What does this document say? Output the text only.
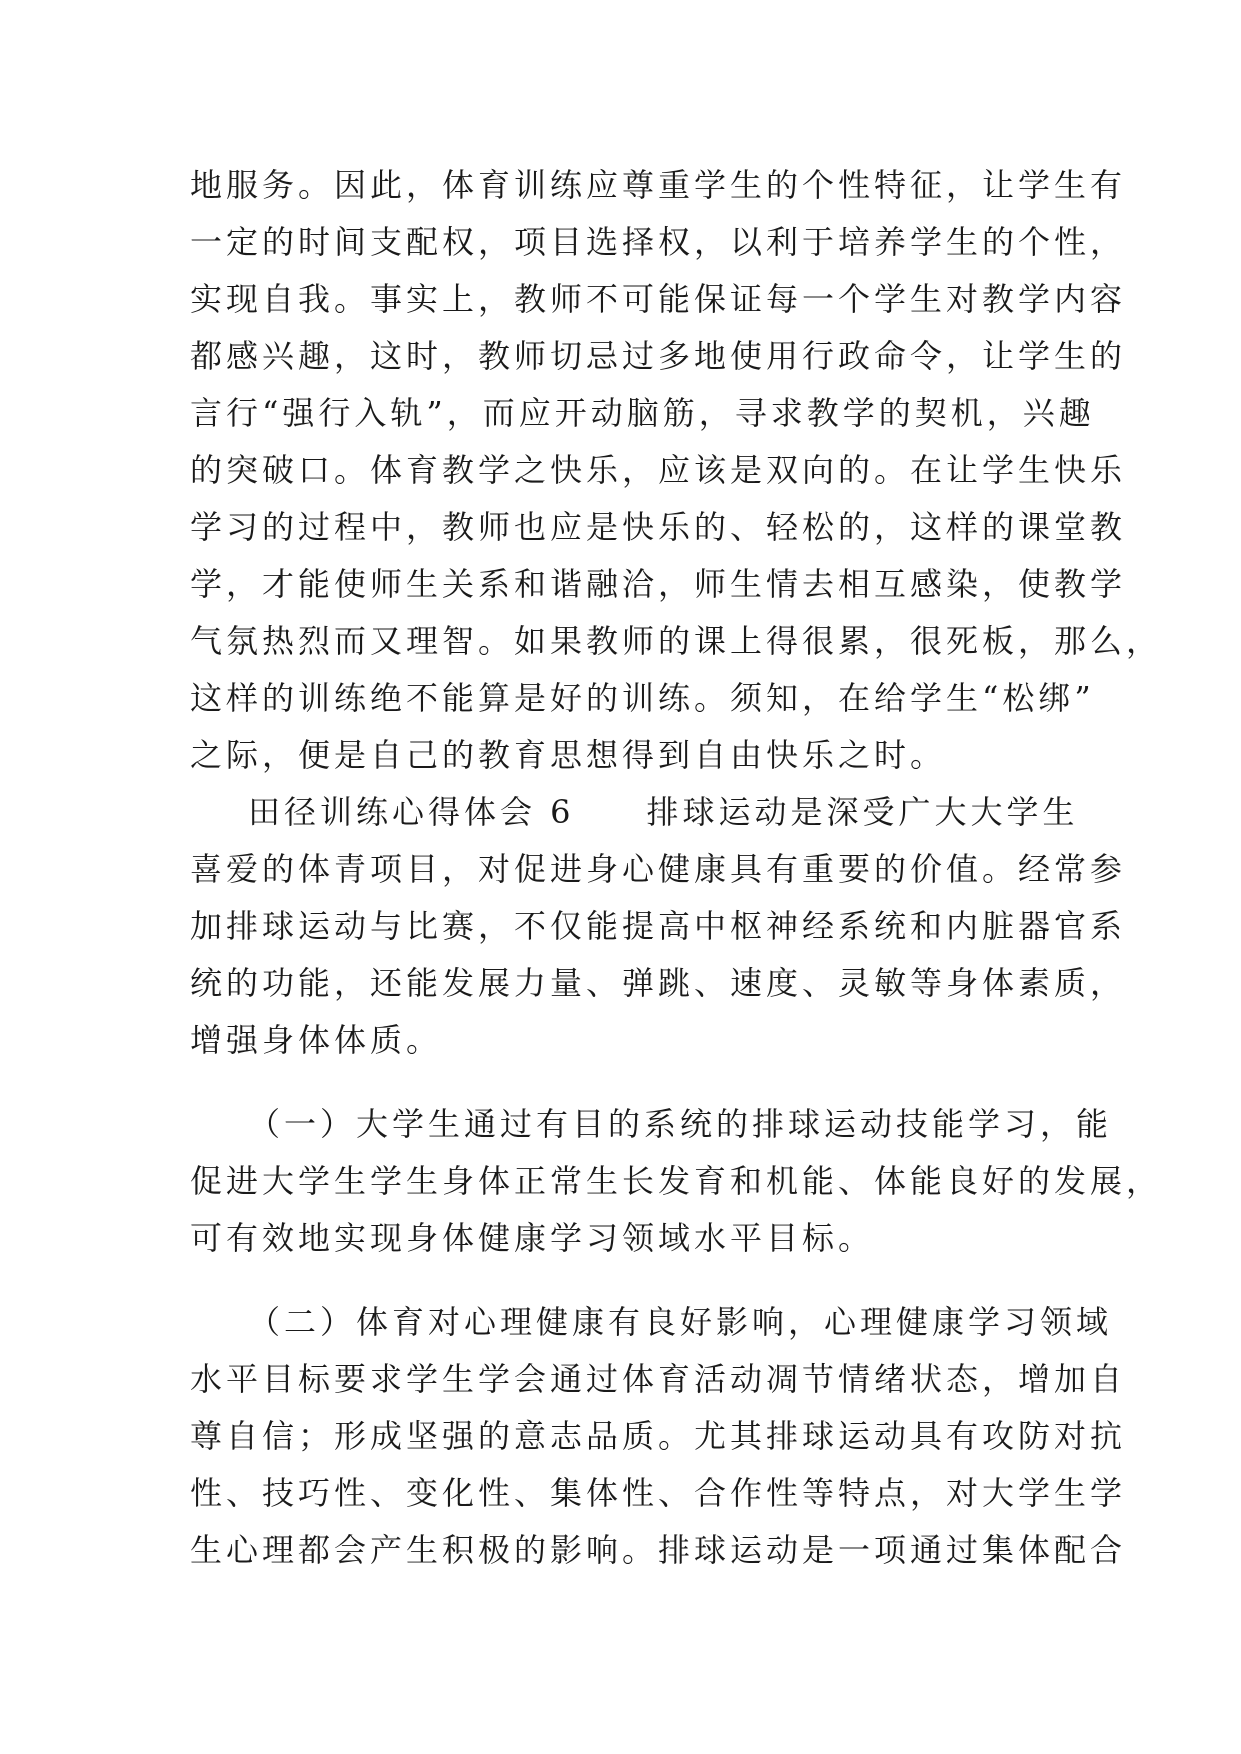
地服务。因此，体育训练应尊重学生的个性特征，让学生有
一定的时间支配权，项目选择权，以利于培养学生的个性，
实现自我。事实上，教师不可能保证每一个学生对教学内容
都感兴趣，这时，教师切忌过多地使用行政命令，让学生的
言行“强行入轨”，而应开动脑筋，寻求教学的契机，兴趣
的突破口。体育教学之快乐，应该是双向的。在让学生快乐
学习的过程中，教师也应是快乐的、轻松的，这样的课堂教
学，才能使师生关系和谐融洽，师生情去相互感染，使教学
气氛热烈而又理智。如果教师的课上得很累，很死板，那么，
这样的训练绝不能算是好的训练。须知，在给学生“松绑”
之际，便是自己的教育思想得到自由快乐之时。
田径训练心得体会 6　　排球运动是深受广大大学生
喜爱的体青项目，对促进身心健康具有重要的价值。经常参
加排球运动与比赛，不仅能提高中枢神经系统和内脏器官系
统的功能，还能发展力量、弹跳、速度、灵敏等身体素质，
增强身体体质。
（一）大学生通过有目的系统的排球运动技能学习，能
促进大学生学生身体正常生长发育和机能、体能良好的发展，
可有效地实现身体健康学习领域水平目标。
（二）体育对心理健康有良好影响，心理健康学习领域
水平目标要求学生学会通过体育活动凋节情绪状态，增加自
尊自信；形成坚强的意志品质。尤其排球运动具有攻防对抗
性、技巧性、变化性、集体性、合作性等特点，对大学生学
生心理都会产生积极的影响。排球运动是一项通过集体配合
